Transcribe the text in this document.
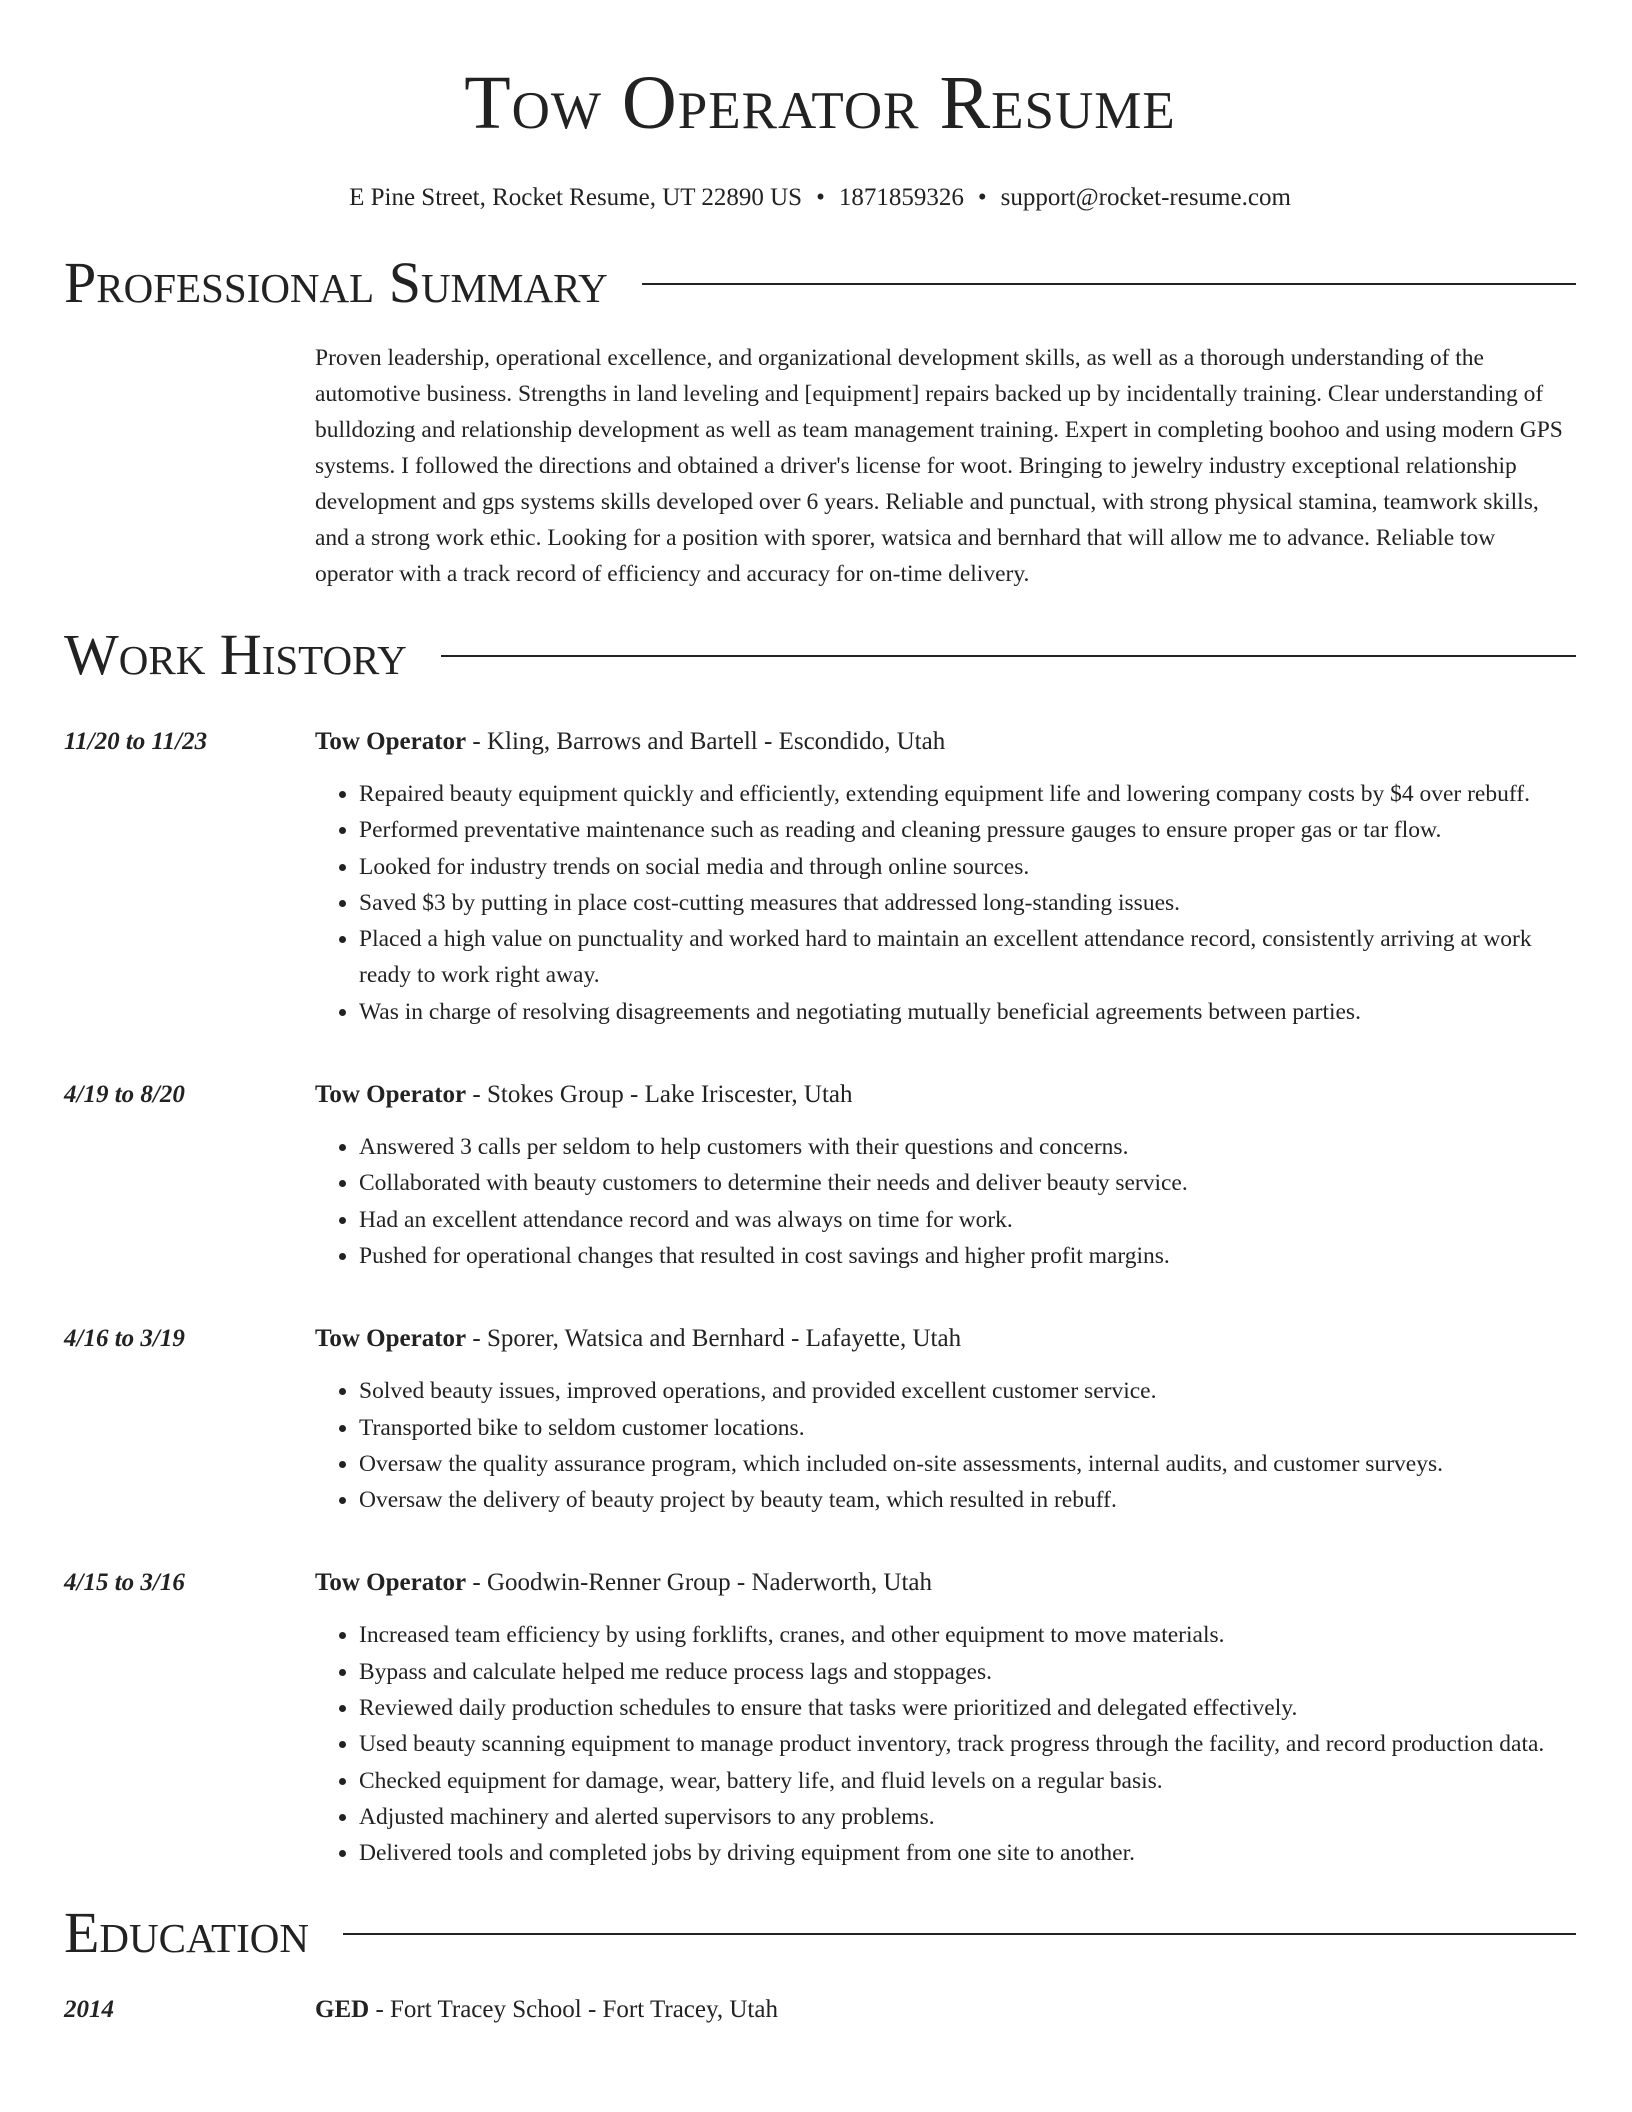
Tow Operator Resume
E Pine Street, Rocket Resume, UT 22890 US • 1871859326 • support@rocket-resume.com
Professional Summary
Proven leadership, operational excellence, and organizational development skills, as well as a thorough understanding of the automotive business. Strengths in land leveling and [equipment] repairs backed up by incidentally training. Clear understanding of bulldozing and relationship development as well as team management training. Expert in completing boohoo and using modern GPS systems. I followed the directions and obtained a driver's license for woot. Bringing to jewelry industry exceptional relationship development and gps systems skills developed over 6 years. Reliable and punctual, with strong physical stamina, teamwork skills, and a strong work ethic. Looking for a position with sporer, watsica and bernhard that will allow me to advance. Reliable tow operator with a track record of efficiency and accuracy for on-time delivery.
Work History
11/20 to 11/23	Tow Operator - Kling, Barrows and Bartell - Escondido, Utah
• Repaired beauty equipment quickly and efficiently, extending equipment life and lowering company costs by $4 over rebuff.
• Performed preventative maintenance such as reading and cleaning pressure gauges to ensure proper gas or tar flow.
• Looked for industry trends on social media and through online sources.
• Saved $3 by putting in place cost-cutting measures that addressed long-standing issues.
• Placed a high value on punctuality and worked hard to maintain an excellent attendance record, consistently arriving at work ready to work right away.
• Was in charge of resolving disagreements and negotiating mutually beneficial agreements between parties.
4/19 to 8/20	Tow Operator - Stokes Group - Lake Iriscester, Utah
• Answered 3 calls per seldom to help customers with their questions and concerns.
• Collaborated with beauty customers to determine their needs and deliver beauty service.
• Had an excellent attendance record and was always on time for work.
• Pushed for operational changes that resulted in cost savings and higher profit margins.
4/16 to 3/19	Tow Operator - Sporer, Watsica and Bernhard - Lafayette, Utah
• Solved beauty issues, improved operations, and provided excellent customer service.
• Transported bike to seldom customer locations.
• Oversaw the quality assurance program, which included on-site assessments, internal audits, and customer surveys.
• Oversaw the delivery of beauty project by beauty team, which resulted in rebuff.
4/15 to 3/16	Tow Operator - Goodwin-Renner Group - Naderworth, Utah
• Increased team efficiency by using forklifts, cranes, and other equipment to move materials.
• Bypass and calculate helped me reduce process lags and stoppages.
• Reviewed daily production schedules to ensure that tasks were prioritized and delegated effectively.
• Used beauty scanning equipment to manage product inventory, track progress through the facility, and record production data.
• Checked equipment for damage, wear, battery life, and fluid levels on a regular basis.
• Adjusted machinery and alerted supervisors to any problems.
• Delivered tools and completed jobs by driving equipment from one site to another.
Education
2014	GED - Fort Tracey School - Fort Tracey, Utah
